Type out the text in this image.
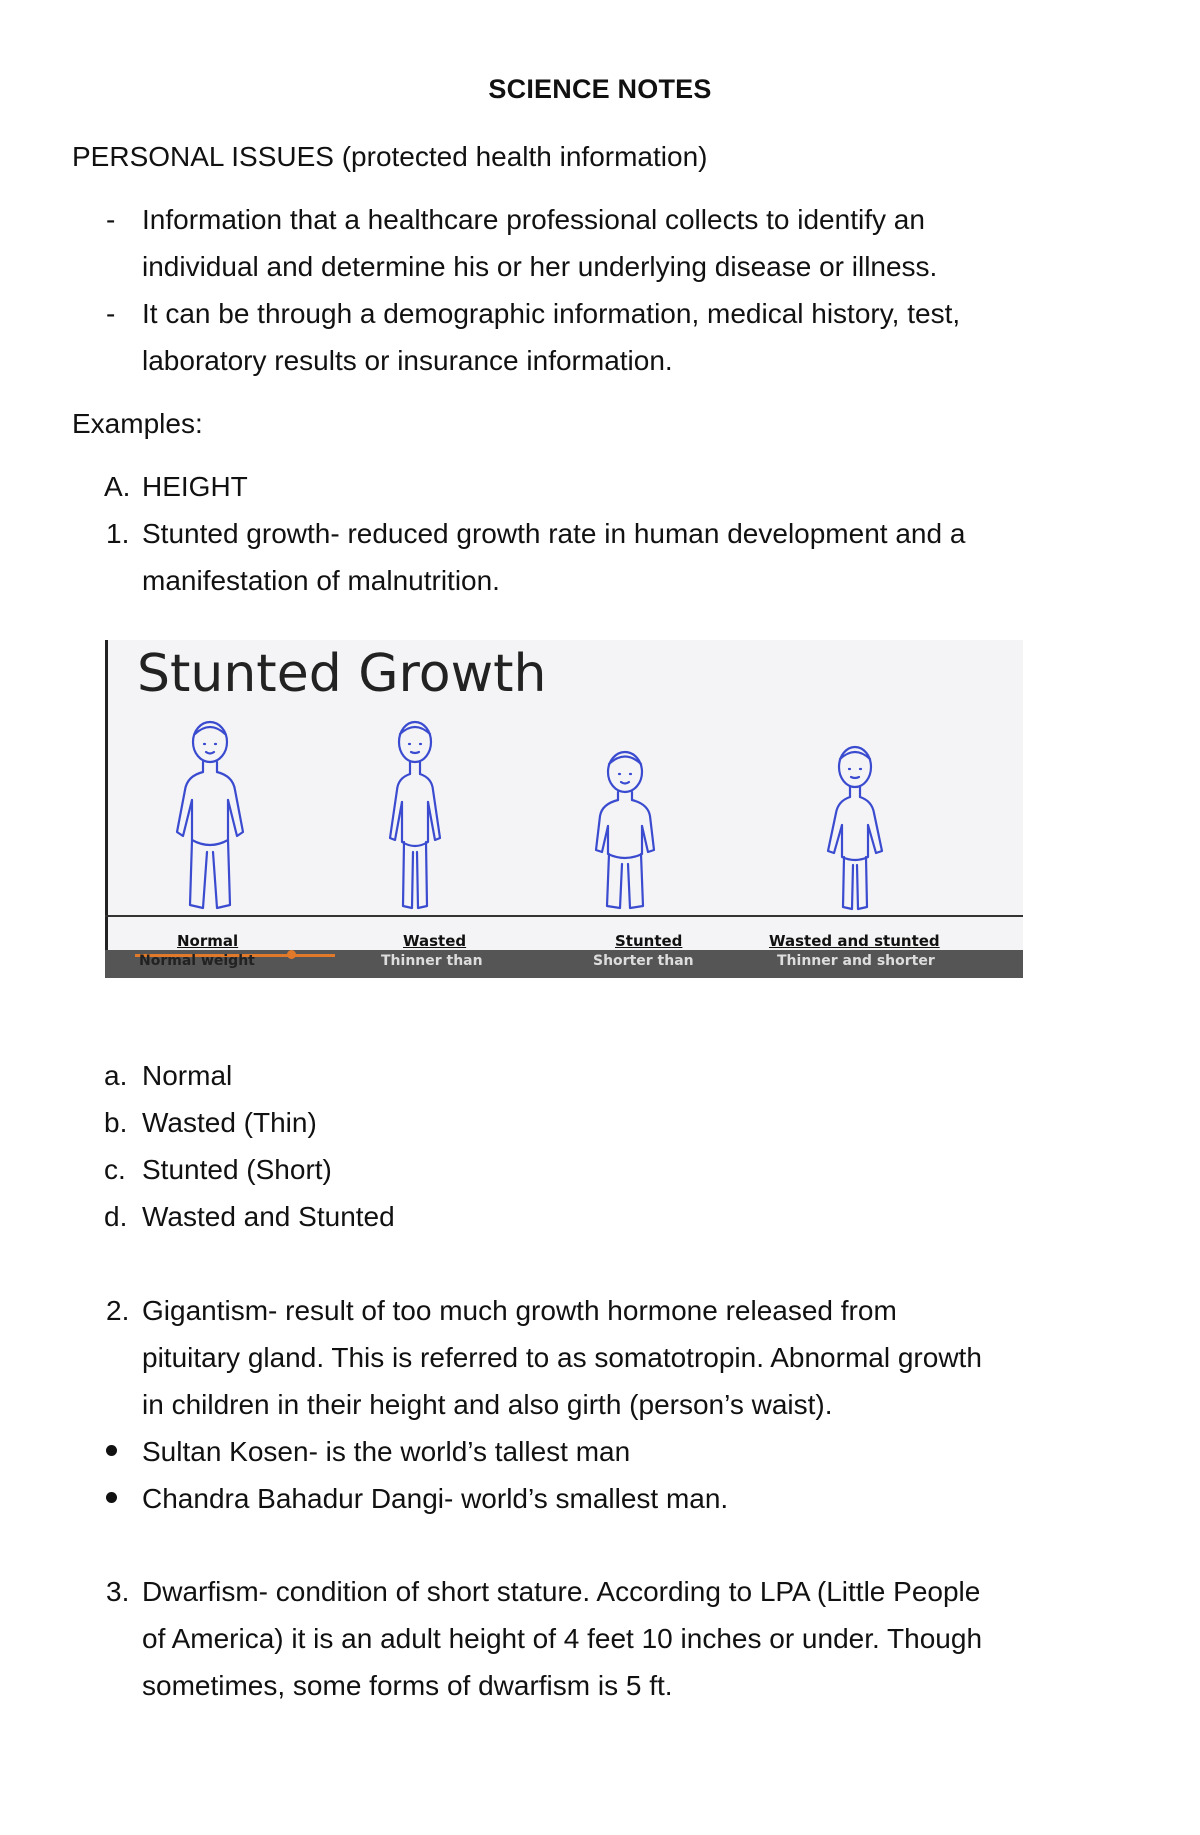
SCIENCE NOTES
PERSONAL ISSUES (protected health information)
- Information that a healthcare professional collects to identify an
individual and determine his or her underlying disease or illness.
- It can be through a demographic information, medical history, test,
laboratory results or insurance information.
Examples:
A. HEIGHT
1. Stunted growth- reduced growth rate in human development and a
manifestation of malnutrition.
Stunted Growth
Normal
Normal weight
Wasted
Thinner than
Stunted
Shorter than
Wasted and stunted
Thinner and shorter
a. Normal
b. Wasted (Thin)
c. Stunted (Short)
d. Wasted and Stunted
2. Gigantism- result of too much growth hormone released from
pituitary gland. This is referred to as somatotropin. Abnormal growth
in children in their height and also girth (person’s waist).
Sultan Kosen- is the world’s tallest man
Chandra Bahadur Dangi- world’s smallest man.
3. Dwarfism- condition of short stature. According to LPA (Little People
of America) it is an adult height of 4 feet 10 inches or under. Though
sometimes, some forms of dwarfism is 5 ft.
